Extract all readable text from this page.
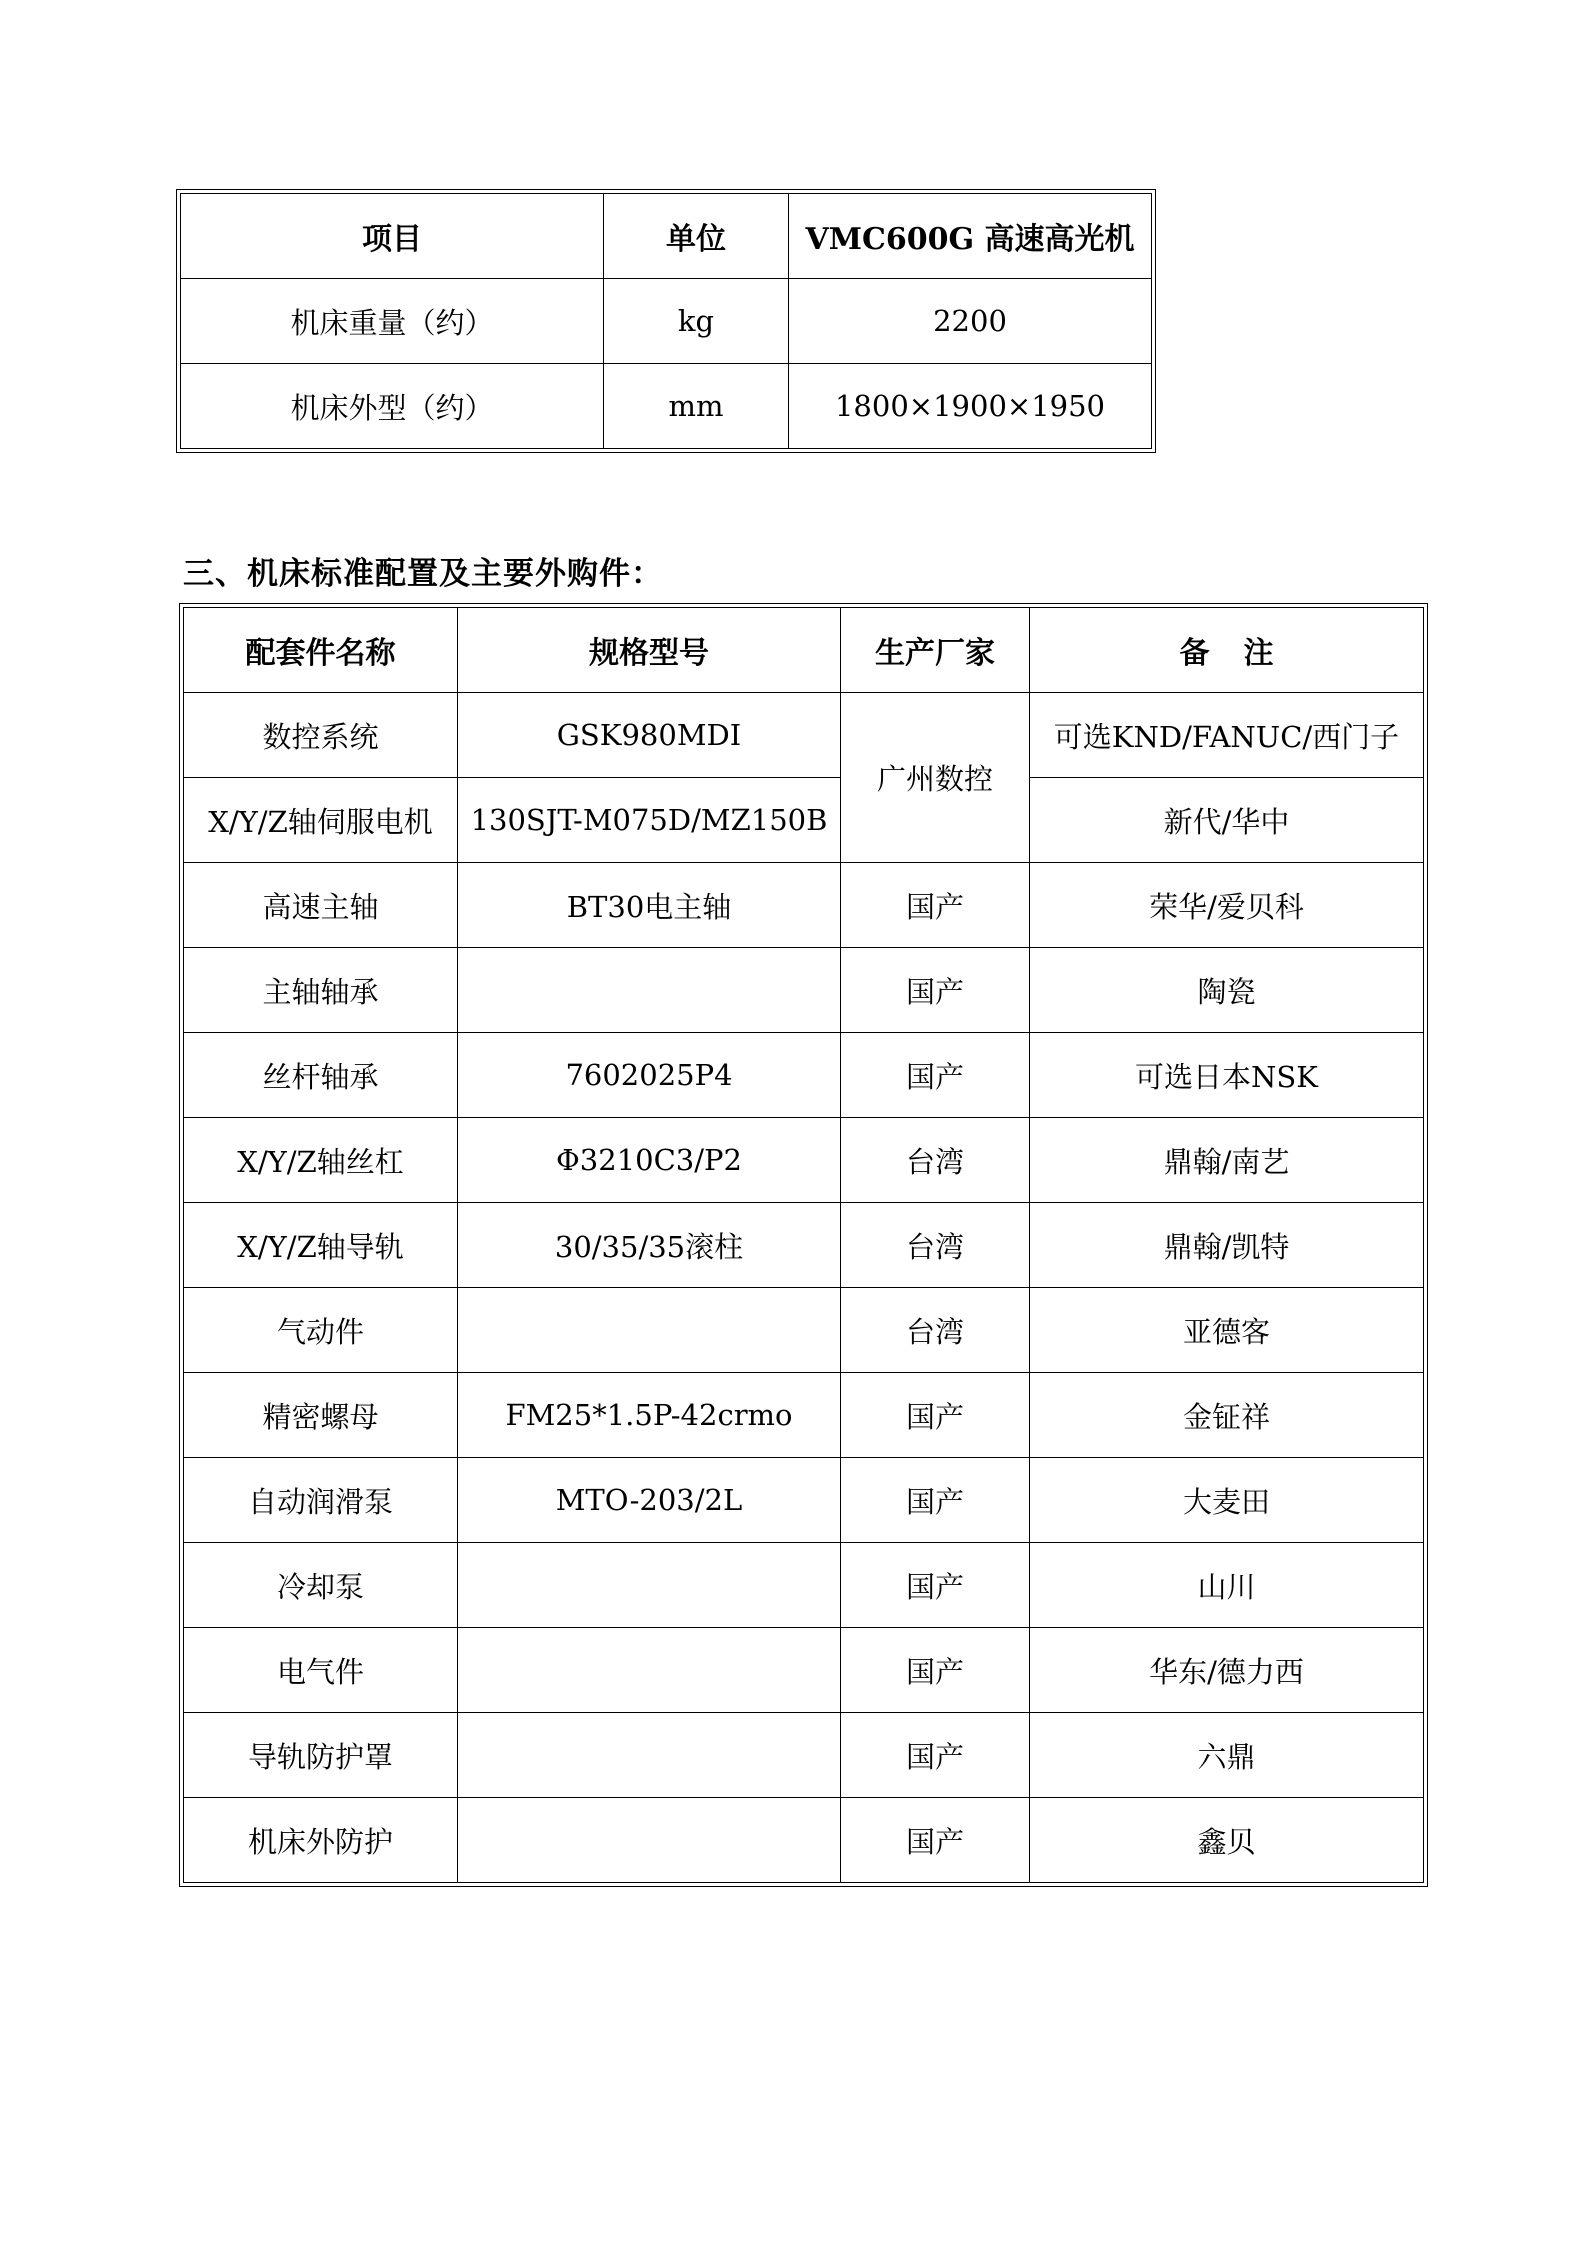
项目	单位	VMC600G 高速高光机
机床重量（约）	kg	2200
机床外型（约）	mm	1800×1900×1950
三、机床标准配置及主要外购件：
配套件名称	规格型号	生产厂家	备注
数控系统	GSK980MDI	广州数控	可选KND/FANUC/西门子
X/Y/Z轴伺服电机	130SJT-M075D/MZ150B		新代/华中
高速主轴	BT30电主轴	国产	荣华/爱贝科
主轴轴承		国产	陶瓷
丝杆轴承	7602025P4	国产	可选日本NSK
X/Y/Z轴丝杠	Φ3210C3/P2	台湾	鼎翰/南艺
X/Y/Z轴导轨	30/35/35滚柱	台湾	鼎翰/凯特
气动件		台湾	亚德客
精密螺母	FM25*1.5P-42crmo	国产	金钲祥
自动润滑泵	MTO-203/2L	国产	大麦田
冷却泵		国产	山川
电气件		国产	华东/德力西
导轨防护罩		国产	六鼎
机床外防护		国产	鑫贝
